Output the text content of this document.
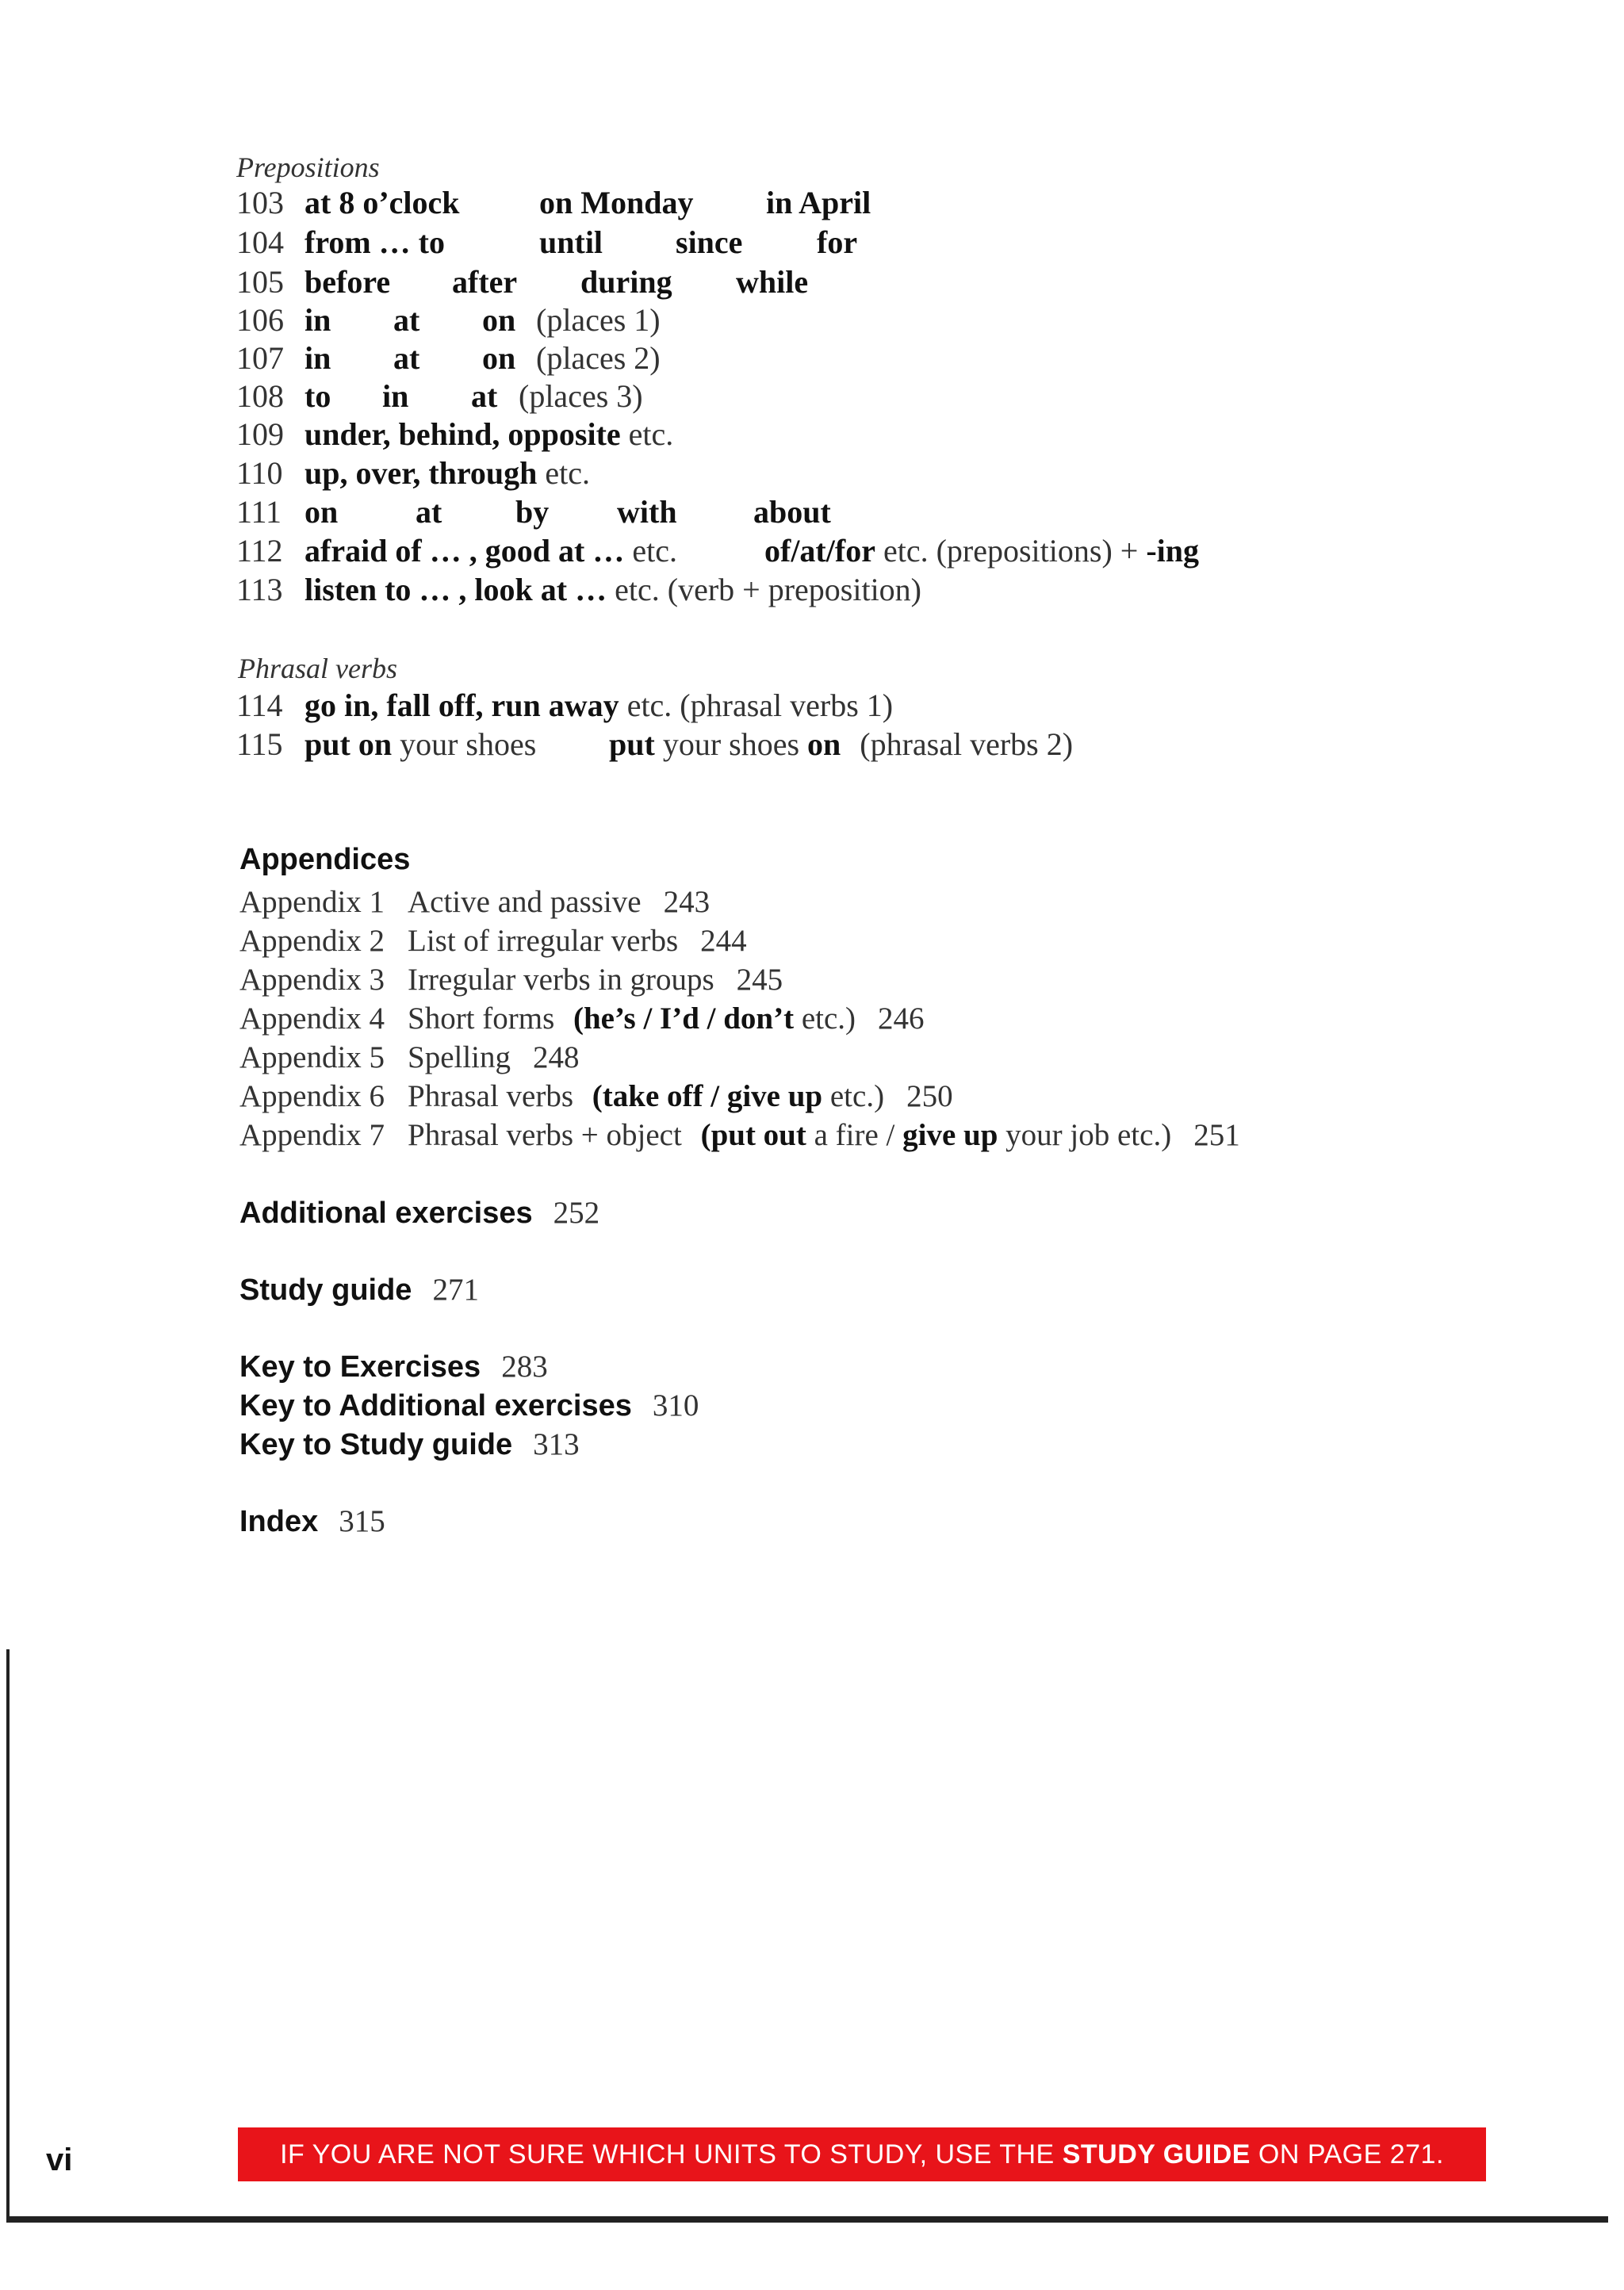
Prepositions
103 at 8 o’clock	on Monday in April
104 from … to	until since for
105 before after during while
106 in at on (places 1)
107 in at on (places 2)
108 to in at (places 3)
109 under, behind, opposite etc.
110 up, over, through etc.
111 on at by with about
112 afraid of … , good at … etc.	of/at/for etc. (prepositions) + -ing
113 listen to … , look at … etc. (verb + preposition)
Phrasal verbs
114 go in, fall off, run away etc. (phrasal verbs 1)
115 put on your shoes put your shoes on (phrasal verbs 2)
Appendices
Appendix 1 Active and passive 243
Appendix 2 List of irregular verbs 244
Appendix 3 Irregular verbs in groups 245
Appendix 4 Short forms (he’s / I’d / don’t etc.) 246
Appendix 5 Spelling 248
Appendix 6 Phrasal verbs (take off / give up etc.) 250
Appendix 7 Phrasal verbs + object (put out a fire / give up your job etc.) 251
Additional exercises 252
Study guide 271
Key to Exercises 283
Key to Additional exercises 310
Key to Study guide 313
Index 315
vi	IF YOU ARE NOT SURE WHICH UNITS TO STUDY, USE THE STUDY GUIDE ON PAGE 271.
